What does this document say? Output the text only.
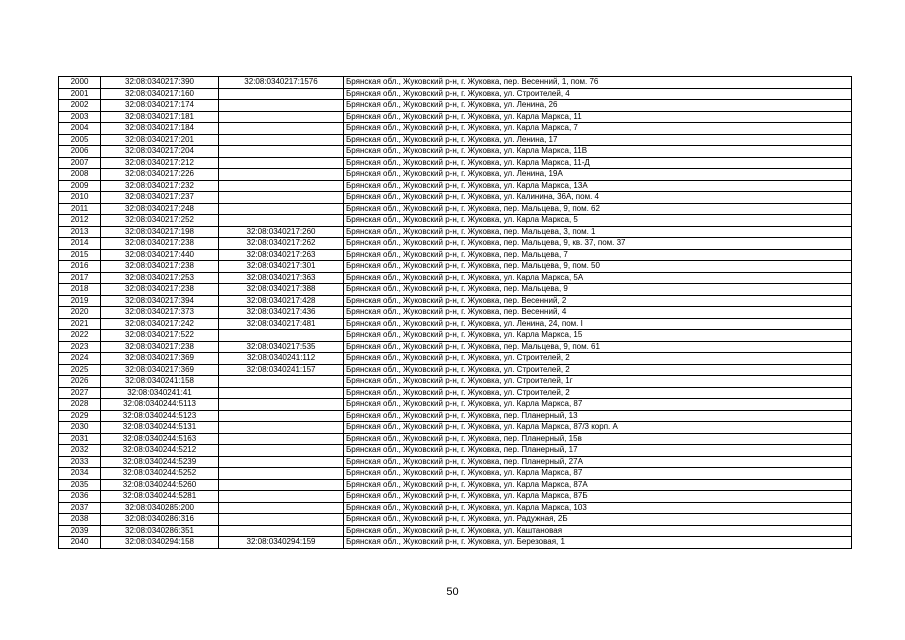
2000	32:08:0340217:390	32:08:0340217:1576	Брянская обл., Жуковский р-н, г. Жуковка, пер. Весенний, 1, пом. 76
2001	32:08:0340217:160		Брянская обл., Жуковский р-н, г. Жуковка, ул. Строителей, 4
2002	32:08:0340217:174		Брянская обл., Жуковский р-н, г. Жуковка, ул. Ленина, 26
2003	32:08:0340217:181		Брянская обл., Жуковский р-н, г. Жуковка, ул. Карла Маркса, 11
2004	32:08:0340217:184		Брянская обл., Жуковский р-н, г. Жуковка, ул. Карла Маркса, 7
2005	32:08:0340217:201		Брянская обл., Жуковский р-н, г. Жуковка, ул. Ленина, 17
2006	32:08:0340217:204		Брянская обл., Жуковский р-н, г. Жуковка, ул. Карла Маркса, 11В
2007	32:08:0340217:212		Брянская обл., Жуковский р-н, г. Жуковка, ул. Карла Маркса, 11-Д
2008	32:08:0340217:226		Брянская обл., Жуковский р-н, г. Жуковка, ул. Ленина, 19А
2009	32:08:0340217:232		Брянская обл., Жуковский р-н, г. Жуковка, ул. Карла Маркса, 13А
2010	32:08:0340217:237		Брянская обл., Жуковский р-н, г. Жуковка, ул. Калинина, 36А, пом. 4
2011	32:08:0340217:248		Брянская обл., Жуковский р-н, г. Жуковка, пер. Мальцева, 9, пом. 62
2012	32:08:0340217:252		Брянская обл., Жуковский р-н, г. Жуковка, ул. Карла Маркса, 5
2013	32:08:0340217:198	32:08:0340217:260	Брянская обл., Жуковский р-н, г. Жуковка, пер. Мальцева, 3, пом. 1
2014	32:08:0340217:238	32:08:0340217:262	Брянская обл., Жуковский р-н, г. Жуковка, пер. Мальцева, 9, кв. 37, пом. 37
2015	32:08:0340217:440	32:08:0340217:263	Брянская обл., Жуковский р-н, г. Жуковка, пер. Мальцева, 7
2016	32:08:0340217:238	32:08:0340217:301	Брянская обл., Жуковский р-н, г. Жуковка, пер. Мальцева, 9, пом. 50
2017	32:08:0340217:253	32:08:0340217:363	Брянская обл., Жуковский р-н, г. Жуковка, ул. Карла Маркса, 5А
2018	32:08:0340217:238	32:08:0340217:388	Брянская обл., Жуковский р-н, г. Жуковка, пер. Мальцева, 9
2019	32:08:0340217:394	32:08:0340217:428	Брянская обл., Жуковский р-н, г. Жуковка, пер. Весенний, 2
2020	32:08:0340217:373	32:08:0340217:436	Брянская обл., Жуковский р-н, г. Жуковка, пер. Весенний, 4
2021	32:08:0340217:242	32:08:0340217:481	Брянская обл., Жуковский р-н, г. Жуковка, ул. Ленина, 24, пом. I
2022	32:08:0340217:522		Брянская обл., Жуковский р-н, г. Жуковка, ул. Карла Маркса, 15
2023	32:08:0340217:238	32:08:0340217:535	Брянская обл., Жуковский р-н, г. Жуковка, пер. Мальцева, 9, пом. 61
2024	32:08:0340217:369	32:08:0340241:112	Брянская обл., Жуковский р-н, г. Жуковка, ул. Строителей, 2
2025	32:08:0340217:369	32:08:0340241:157	Брянская обл., Жуковский р-н, г. Жуковка, ул. Строителей, 2
2026	32:08:0340241:158		Брянская обл., Жуковский р-н, г. Жуковка, ул. Строителей, 1г
2027	32:08:0340241:41		Брянская обл., Жуковский р-н, г. Жуковка, ул. Строителей, 2
2028	32:08:0340244:5113		Брянская обл., Жуковский р-н, г. Жуковка, ул. Карла Маркса, 87
2029	32:08:0340244:5123		Брянская обл., Жуковский р-н, г. Жуковка, пер. Планерный, 13
2030	32:08:0340244:5131		Брянская обл., Жуковский р-н, г. Жуковка, ул. Карла Маркса, 87/3 корп. А
2031	32:08:0340244:5163		Брянская обл., Жуковский р-н, г. Жуковка, пер. Планерный, 15в
2032	32:08:0340244:5212		Брянская обл., Жуковский р-н, г. Жуковка, пер. Планерный, 17
2033	32:08:0340244:5239		Брянская обл., Жуковский р-н, г. Жуковка, пер. Планерный, 27А
2034	32:08:0340244:5252		Брянская обл., Жуковский р-н, г. Жуковка, ул. Карла Маркса, 87
2035	32:08:0340244:5260		Брянская обл., Жуковский р-н, г. Жуковка, ул. Карла Маркса, 87А
2036	32:08:0340244:5281		Брянская обл., Жуковский р-н, г. Жуковка, ул. Карла Маркса, 87Б
2037	32:08:0340285:200		Брянская обл., Жуковский р-н, г. Жуковка, ул. Карла Маркса, 103
2038	32:08:0340286:316		Брянская обл., Жуковский р-н, г. Жуковка, ул. Радужная, 2Б
2039	32:08:0340286:351		Брянская обл., Жуковский р-н, г. Жуковка, ул. Каштановая
2040	32:08:0340294:158	32:08:0340294:159	Брянская обл., Жуковский р-н, г. Жуковка, ул. Березовая, 1
50
